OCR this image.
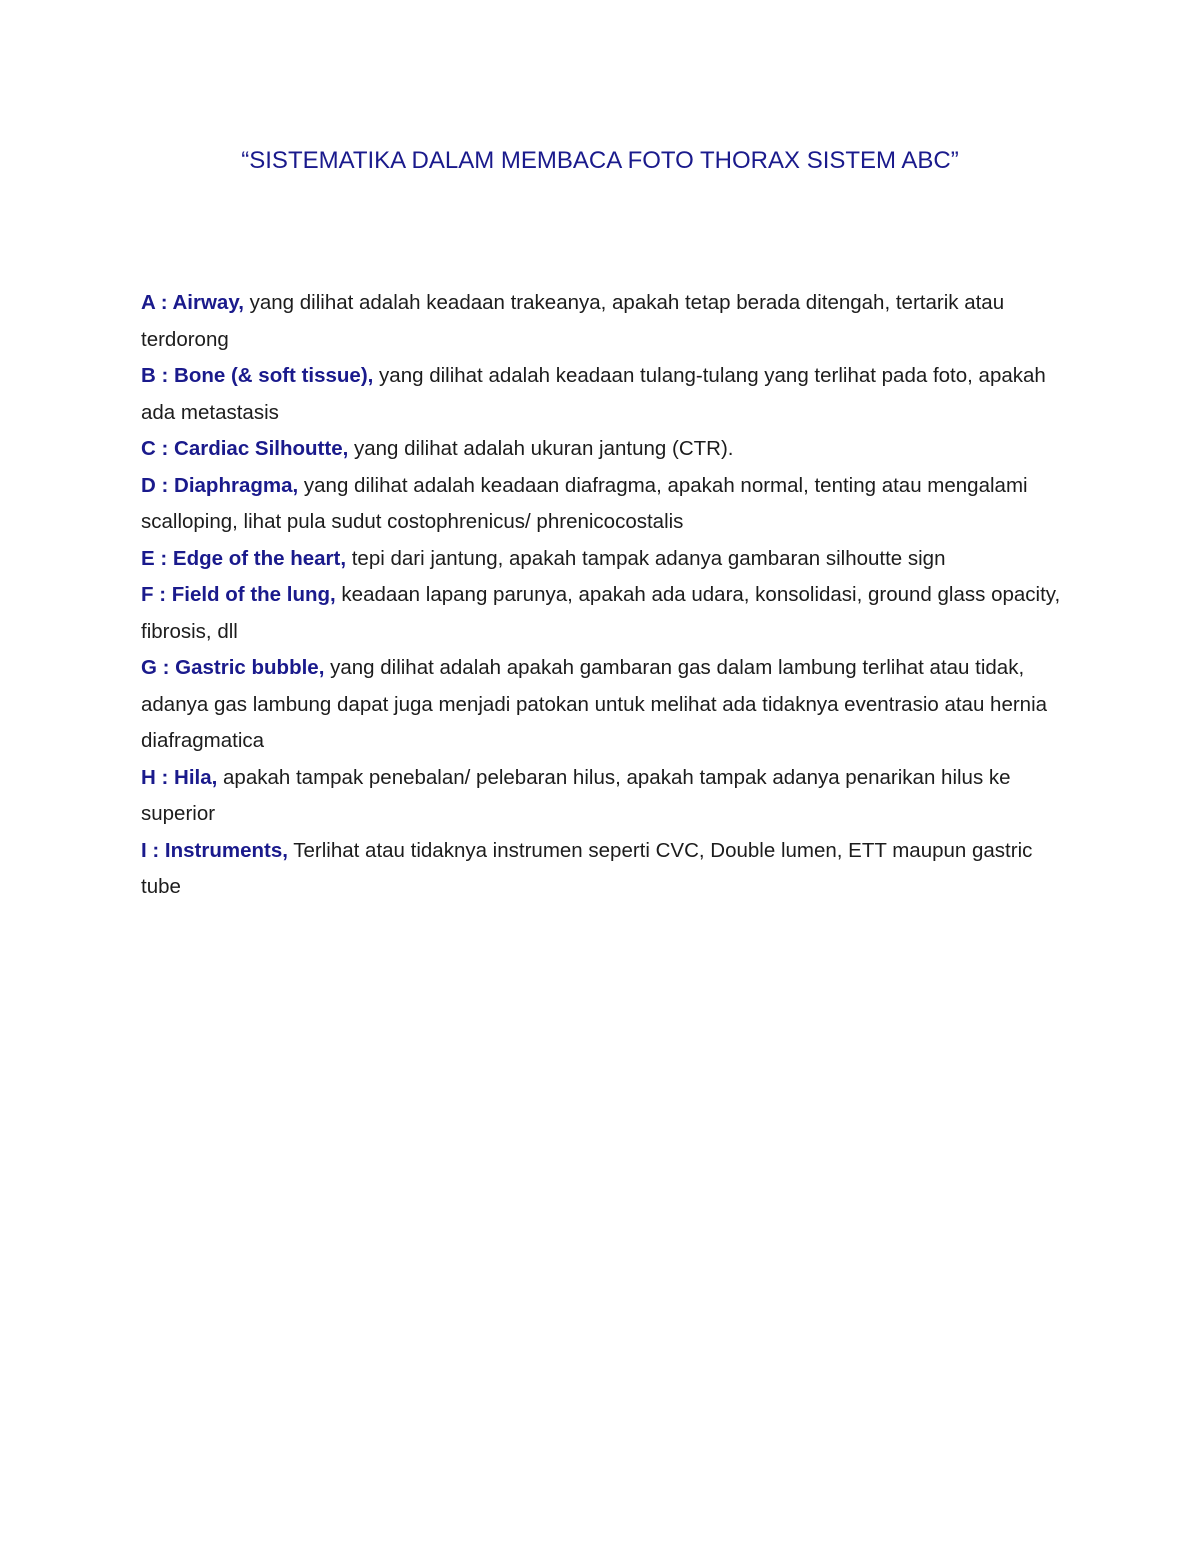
“SISTEMATIKA DALAM MEMBACA FOTO THORAX SISTEM ABC”
A : Airway, yang dilihat adalah keadaan trakeanya, apakah tetap berada ditengah, tertarik atau terdorong
B : Bone (& soft tissue), yang dilihat adalah keadaan tulang-tulang yang terlihat pada foto, apakah ada metastasis
C : Cardiac Silhoutte, yang dilihat adalah ukuran jantung (CTR).
D : Diaphragma, yang dilihat adalah keadaan diafragma, apakah normal, tenting atau mengalami scalloping, lihat pula sudut costophrenicus/ phrenicocostalis
E : Edge of the heart, tepi dari jantung, apakah tampak adanya gambaran silhoutte sign
F : Field of the lung, keadaan lapang parunya, apakah ada udara, konsolidasi, ground glass opacity, fibrosis, dll
G : Gastric bubble, yang dilihat adalah apakah gambaran gas dalam lambung terlihat atau tidak, adanya gas lambung dapat juga menjadi patokan untuk melihat ada tidaknya eventrasio atau hernia diafragmatica
H : Hila, apakah tampak penebalan/ pelebaran hilus, apakah tampak adanya penarikan hilus ke superior
I : Instruments, Terlihat atau tidaknya instrumen seperti CVC, Double lumen, ETT maupun gastric tube
